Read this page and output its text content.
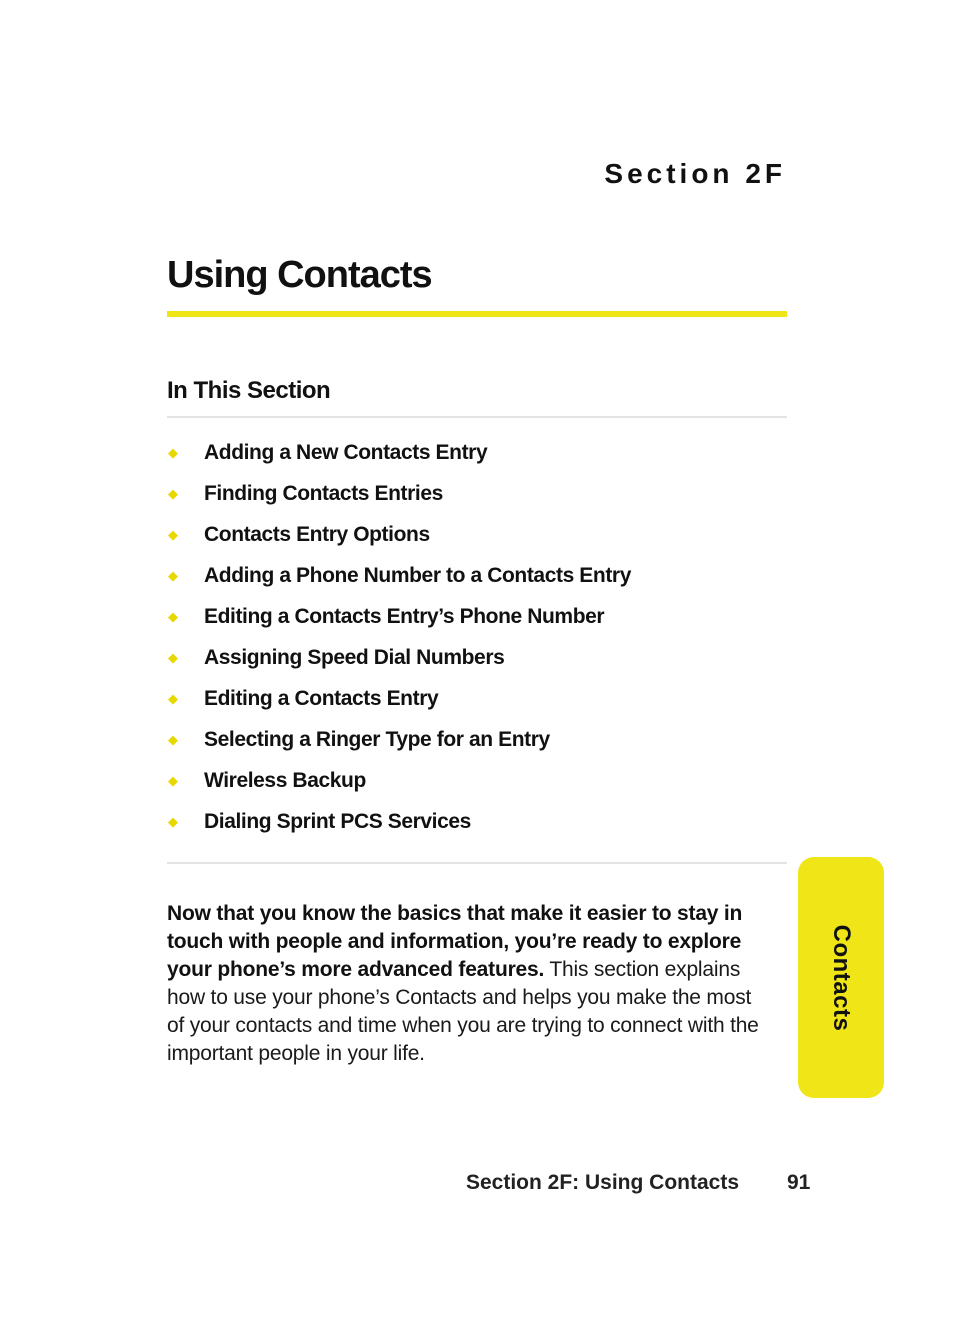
Section 2F
Using Contacts
In This Section
◆	Adding a New Contacts Entry
◆	Finding Contacts Entries
◆	Contacts Entry Options
◆	Adding a Phone Number to a Contacts Entry
◆	Editing a Contacts Entry’s Phone Number
◆	Assigning Speed Dial Numbers
◆	Editing a Contacts Entry
◆	Selecting a Ringer Type for an Entry
◆	Wireless Backup
◆	Dialing Sprint PCS Services

Now that you know the basics that make it easier to stay in touch with people and information, you’re ready to explore your phone’s more advanced features. This section explains how to use your phone’s Contacts and helps you make the most of your contacts and time when you are trying to connect with the important people in your life.

Contacts
Section 2F: Using Contacts 91
